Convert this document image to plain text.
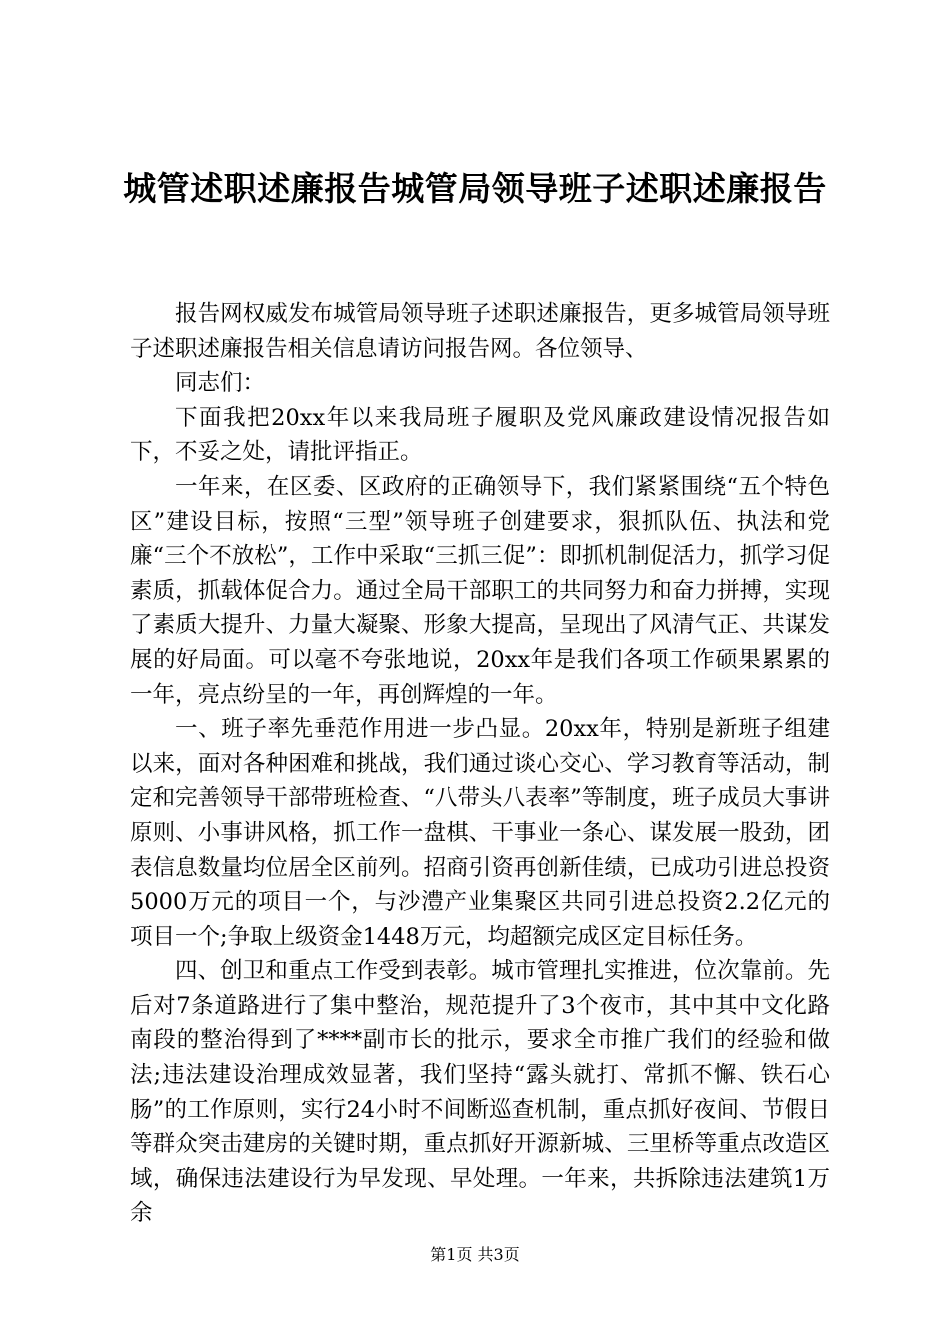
城管述职述廉报告城管局领导班子述职述廉报告

报告网权威发布城管局领导班子述职述廉报告，更多城管局领导班子述职述廉报告相关信息请访问报告网。各位领导、

同志们：

下面我把20xx年以来我局班子履职及党风廉政建设情况报告如下，不妥之处，请批评指正。

一年来，在区委、区政府的正确领导下，我们紧紧围绕“五个特色区”建设目标，按照“三型”领导班子创建要求，狠抓队伍、执法和党廉“三个不放松”，工作中采取“三抓三促”：即抓机制促活力，抓学习促素质，抓载体促合力。通过全局干部职工的共同努力和奋力拼搏，实现了素质大提升、力量大凝聚、形象大提高，呈现出了风清气正、共谋发展的好局面。可以毫不夸张地说，20xx年是我们各项工作硕果累累的一年，亮点纷呈的一年，再创辉煌的一年。

一、班子率先垂范作用进一步凸显。20xx年，特别是新班子组建以来，面对各种困难和挑战，我们通过谈心交心、学习教育等活动，制定和完善领导干部带班检查、“八带头八表率”等制度，班子成员大事讲原则、小事讲风格，抓工作一盘棋、干事业一条心、谋发展一股劲，团表信息数量均位居全区前列。招商引资再创新佳绩，已成功引进总投资5000万元的项目一个，与沙澧产业集聚区共同引进总投资2.2亿元的项目一个;争取上级资金1448万元，均超额完成区定目标任务。

四、创卫和重点工作受到表彰。城市管理扎实推进，位次靠前。先后对7条道路进行了集中整治，规范提升了3个夜市，其中其中文化路南段的整治得到了****副市长的批示，要求全市推广我们的经验和做法;违法建设治理成效显著，我们坚持“露头就打、常抓不懈、铁石心肠”的工作原则，实行24小时不间断巡查机制，重点抓好夜间、节假日等群众突击建房的关键时期，重点抓好开源新城、三里桥等重点改造区域，确保违法建设行为早发现、早处理。一年来，共拆除违法建筑1万余

第1页 共3页
